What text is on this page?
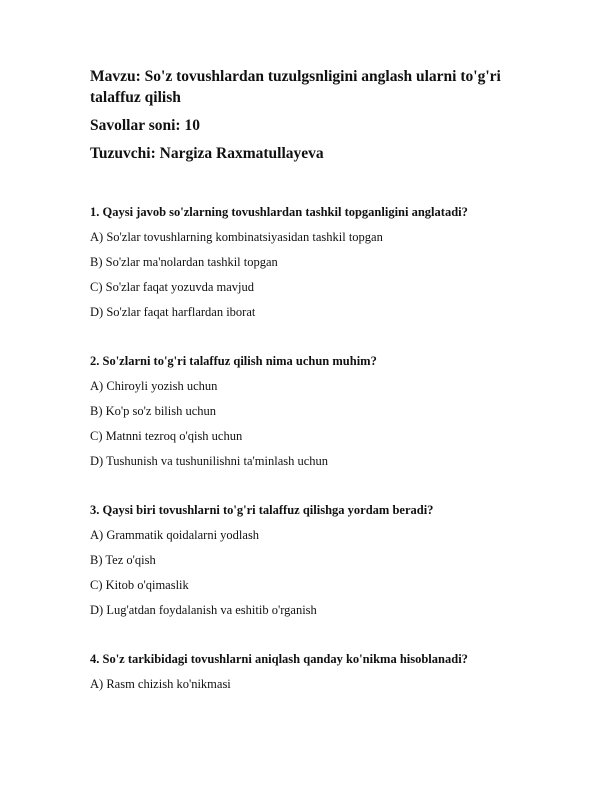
Mavzu: So'z tovushlardan tuzulgsnligini anglash ularni to'g'ri talaffuz qilish

Savollar soni: 10

Tuzuvchi: Nargiza Raxmatullayeva

1. Qaysi javob so'zlarning tovushlardan tashkil topganligini anglatadi?

A) So'zlar tovushlarning kombinatsiyasidan tashkil topgan

B) So'zlar ma'nolardan tashkil topgan

C) So'zlar faqat yozuvda mavjud

D) So'zlar faqat harflardan iborat

2. So'zlarni to'g'ri talaffuz qilish nima uchun muhim?

A) Chiroyli yozish uchun

B) Ko'p so'z bilish uchun

C) Matnni tezroq o'qish uchun

D) Tushunish va tushunilishni ta'minlash uchun

3. Qaysi biri tovushlarni to'g'ri talaffuz qilishga yordam beradi?

A) Grammatik qoidalarni yodlash

B) Tez o'qish

C) Kitob o'qimaslik

D) Lug'atdan foydalanish va eshitib o'rganish

4. So'z tarkibidagi tovushlarni aniqlash qanday ko'nikma hisoblanadi?

A) Rasm chizish ko'nikmasi
